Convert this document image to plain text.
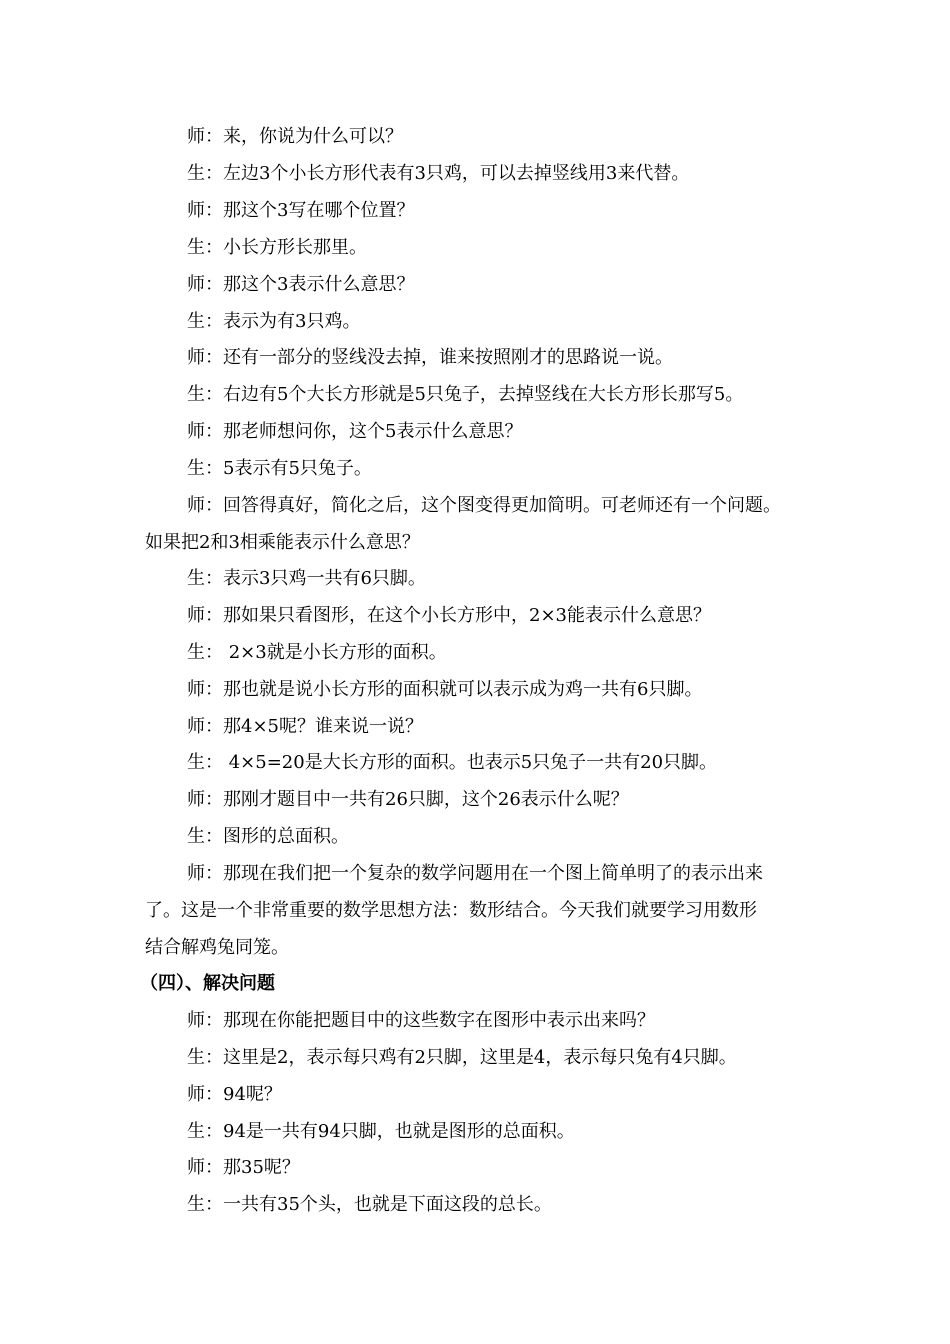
师：来，你说为什么可以？
生：左边3个小长方形代表有3只鸡，可以去掉竖线用3来代替。
师：那这个3写在哪个位置？
生：小长方形长那里。
师：那这个3表示什么意思？
生：表示为有3只鸡。
师：还有一部分的竖线没去掉，谁来按照刚才的思路说一说。
生：右边有5个大长方形就是5只兔子，去掉竖线在大长方形长那写5。
师：那老师想问你，这个5表示什么意思？
生：5表示有5只兔子。
师：回答得真好，简化之后，这个图变得更加简明。可老师还有一个问题。
如果把2和3相乘能表示什么意思？
生：表示3只鸡一共有6只脚。
师：那如果只看图形，在这个小长方形中，2×3能表示什么意思？
生： 2×3就是小长方形的面积。
师：那也就是说小长方形的面积就可以表示成为鸡一共有6只脚。
师：那4×5呢？谁来说一说？
生： 4×5=20是大长方形的面积。也表示5只兔子一共有20只脚。
师：那刚才题目中一共有26只脚，这个26表示什么呢？
生：图形的总面积。
师：那现在我们把一个复杂的数学问题用在一个图上简单明了的表示出来
了。这是一个非常重要的数学思想方法：数形结合。今天我们就要学习用数形
结合解鸡兔同笼。
（四）、解决问题
师：那现在你能把题目中的这些数字在图形中表示出来吗？
生：这里是2，表示每只鸡有2只脚，这里是4，表示每只兔有4只脚。
师：94呢？
生：94是一共有94只脚，也就是图形的总面积。
师：那35呢？
生：一共有35个头，也就是下面这段的总长。
